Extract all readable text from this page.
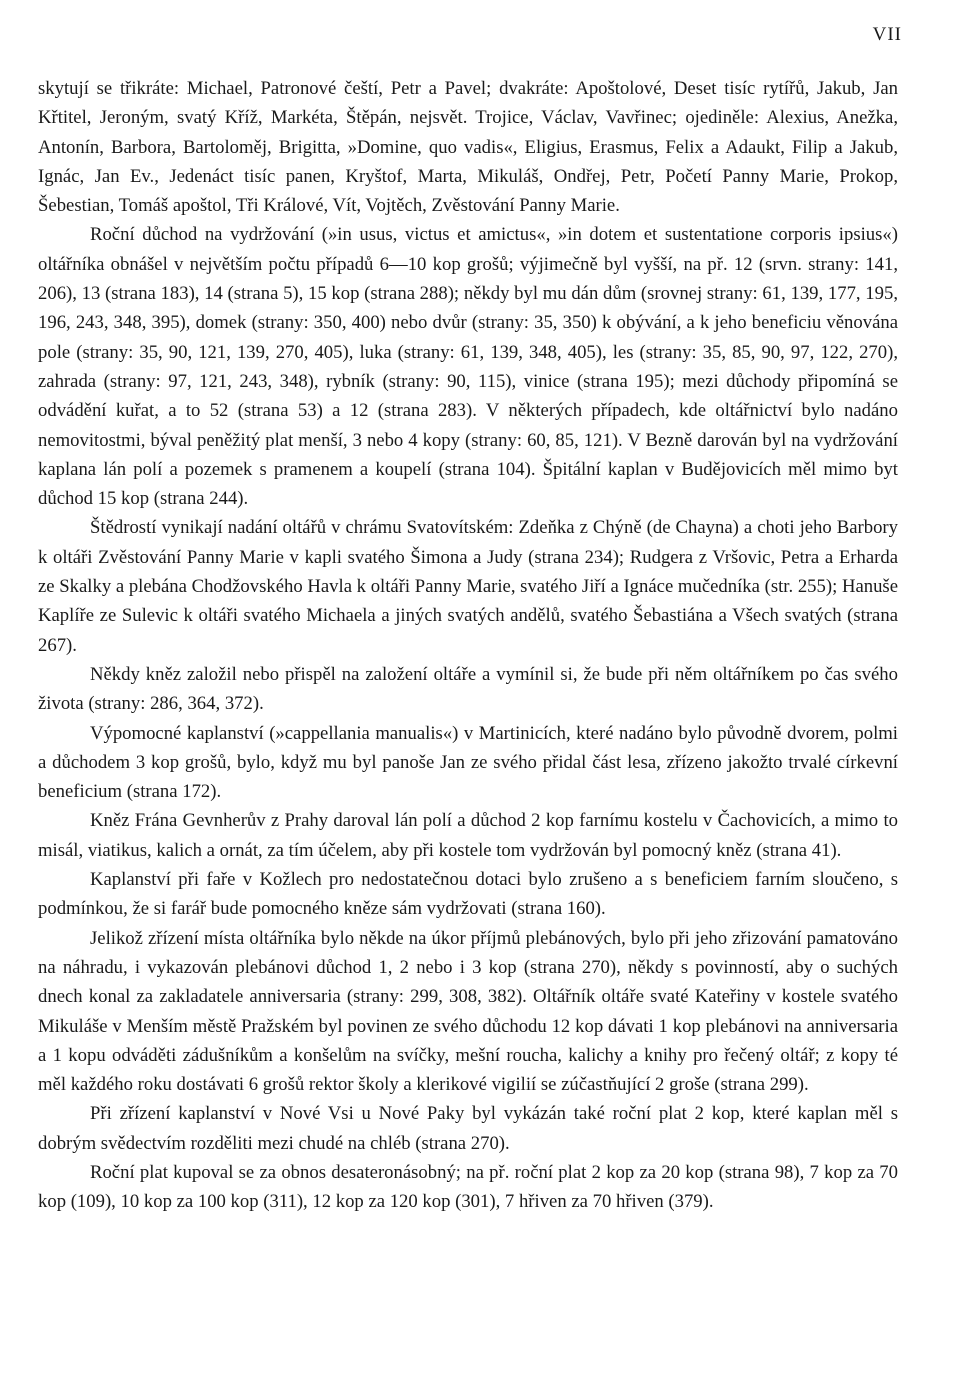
VII

skytují se třikráte: Michael, Patronové čeští, Petr a Pavel; dvakráte: Apoštolové, Deset tisíc rytířů, Jakub, Jan Křtitel, Jeroným, svatý Kříž, Markéta, Štěpán, nejsvět. Trojice, Václav, Vavřinec; ojediněle: Alexius, Anežka, Antonín, Barbora, Bartoloměj, Brigitta, »Domine, quo vadis«, Eligius, Erasmus, Felix a Adaukt, Filip a Jakub, Ignác, Jan Ev., Jedenáct tisíc panen, Kryštof, Marta, Mikuláš, Ondřej, Petr, Početí Panny Marie, Prokop, Šebestian, Tomáš apoštol, Tři Králové, Vít, Vojtěch, Zvěstování Panny Marie.

Roční důchod na vydržování (»in usus, victus et amictus«, »in dotem et sustentatione corporis ipsius«) oltářníka obnášel v největším počtu případů 6—10 kop grošů; výjimečně byl vyšší, na př. 12 (srvn. strany: 141, 206), 13 (strana 183), 14 (strana 5), 15 kop (strana 288); někdy byl mu dán dům (srovnej strany: 61, 139, 177, 195, 196, 243, 348, 395), domek (strany: 350, 400) nebo dvůr (strany: 35, 350) k obývání, a k jeho beneficiu věnována pole (strany: 35, 90, 121, 139, 270, 405), luka (strany: 61, 139, 348, 405), les (strany: 35, 85, 90, 97, 122, 270), zahrada (strany: 97, 121, 243, 348), rybník (strany: 90, 115), vinice (strana 195); mezi důchody připomíná se odvádění kuřat, a to 52 (strana 53) a 12 (strana 283). V některých případech, kde oltářnictví bylo nadáno nemovitostmi, býval peněžitý plat menší, 3 nebo 4 kopy (strany: 60, 85, 121). V Bezně darován byl na vydržování kaplana lán polí a pozemek s pramenem a koupelí (strana 104). Špitální kaplan v Budějovicích měl mimo byt důchod 15 kop (strana 244).

Štědrostí vynikají nadání oltářů v chrámu Svatovítském: Zdeňka z Chýně (de Chayna) a choti jeho Barbory k oltáři Zvěstování Panny Marie v kapli svatého Šimona a Judy (strana 234); Rudgera z Vršovic, Petra a Erharda ze Skalky a plebána Chodžovského Havla k oltáři Panny Marie, svatého Jiří a Ignáce mučedníka (str. 255); Hanuše Kaplíře ze Sulevic k oltáři svatého Michaela a jiných svatých andělů, svatého Šebastiána a Všech svatých (strana 267).

Někdy kněz založil nebo přispěl na založení oltáře a vymínil si, že bude při něm oltářníkem po čas svého života (strany: 286, 364, 372).

Výpomocné kaplanství (»cappellania manualis«) v Martinicích, které nadáno bylo původně dvorem, polmi a důchodem 3 kop grošů, bylo, když mu byl panoše Jan ze svého přidal část lesa, zřízeno jakožto trvalé církevní beneficium (strana 172).

Kněz Frána Gevnherův z Prahy daroval lán polí a důchod 2 kop farnímu kostelu v Čachovicích, a mimo to misál, viatikus, kalich a ornát, za tím účelem, aby při kostele tom vydržován byl pomocný kněz (strana 41).

Kaplanství při faře v Kožlech pro nedostatečnou dotaci bylo zrušeno a s beneficiem farním sloučeno, s podmínkou, že si farář bude pomocného kněze sám vydržovati (strana 160).

Jelikož zřízení místa oltářníka bylo někde na úkor příjmů plebánových, bylo při jeho zřizování pamatováno na náhradu, i vykazován plebánovi důchod 1, 2 nebo i 3 kop (strana 270), někdy s povinností, aby o suchých dnech konal za zakladatele anniversaria (strany: 299, 308, 382). Oltářník oltáře svaté Kateřiny v kostele svatého Mikuláše v Menším městě Pražském byl povinen ze svého důchodu 12 kop dávati 1 kop plebánovi na anniversaria a 1 kopu odváděti zádušníkům a konšelům na svíčky, mešní roucha, kalichy a knihy pro řečený oltář; z kopy té měl každého roku dostávati 6 grošů rektor školy a klerikové vigilií se zúčastňující 2 groše (strana 299).

Při zřízení kaplanství v Nové Vsi u Nové Paky byl vykázán také roční plat 2 kop, které kaplan měl s dobrým svědectvím rozděliti mezi chudé na chléb (strana 270).

Roční plat kupoval se za obnos desateronásobný; na př. roční plat 2 kop za 20 kop (strana 98), 7 kop za 70 kop (109), 10 kop za 100 kop (311), 12 kop za 120 kop (301), 7 hřiven za 70 hřiven (379).
